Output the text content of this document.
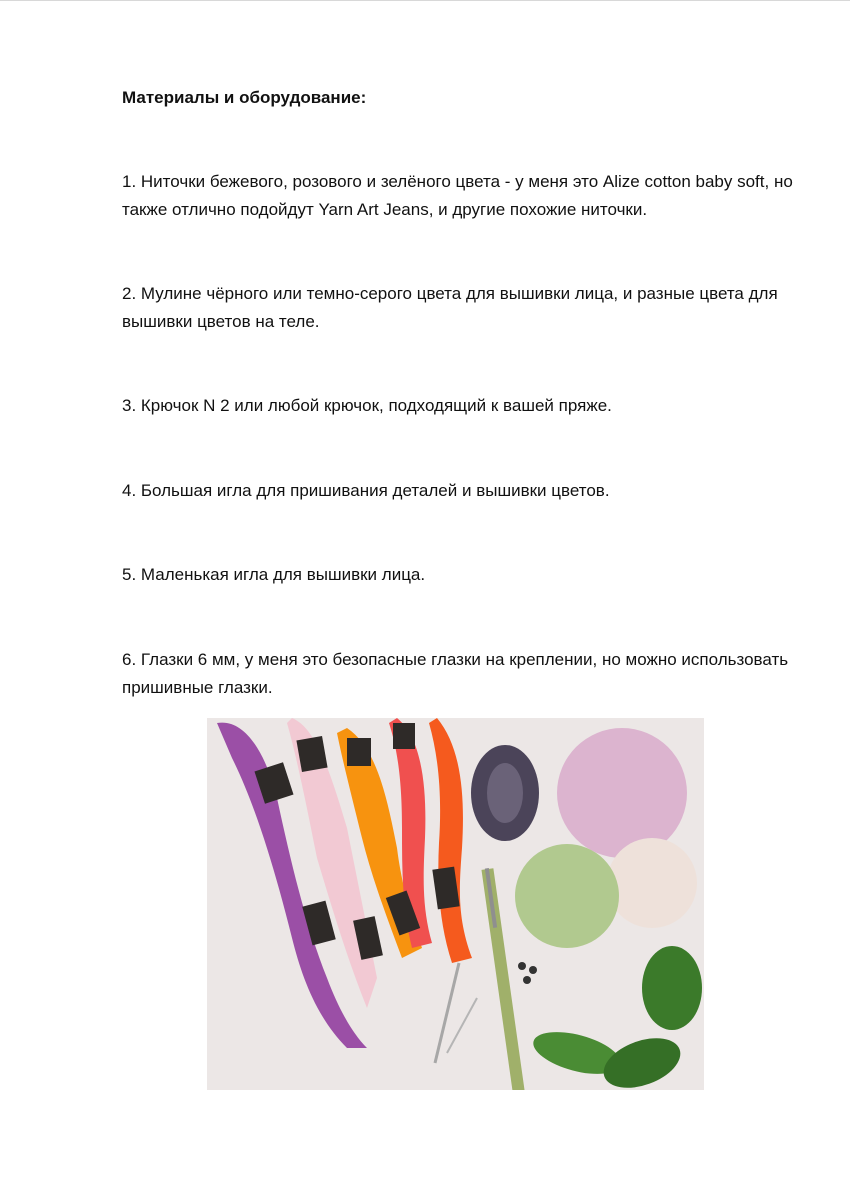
Материалы и оборудование:

1. Ниточки бежевого, розового и зелёного цвета - у меня это Alize cotton baby soft, но также отлично подойдут Yarn Art Jeans, и другие похожие ниточки.

2. Мулине чёрного или темно-серого цвета для вышивки лица, и разные цвета для вышивки цветов на теле.

3. Крючок N 2 или любой крючок, подходящий к вашей пряже.

4. Большая игла для пришивания деталей и вышивки цветов.

5. Маленькая игла для вышивки лица.

6. Глазки 6 мм, у меня это безопасные глазки на креплении, но можно использовать пришивные глазки.
